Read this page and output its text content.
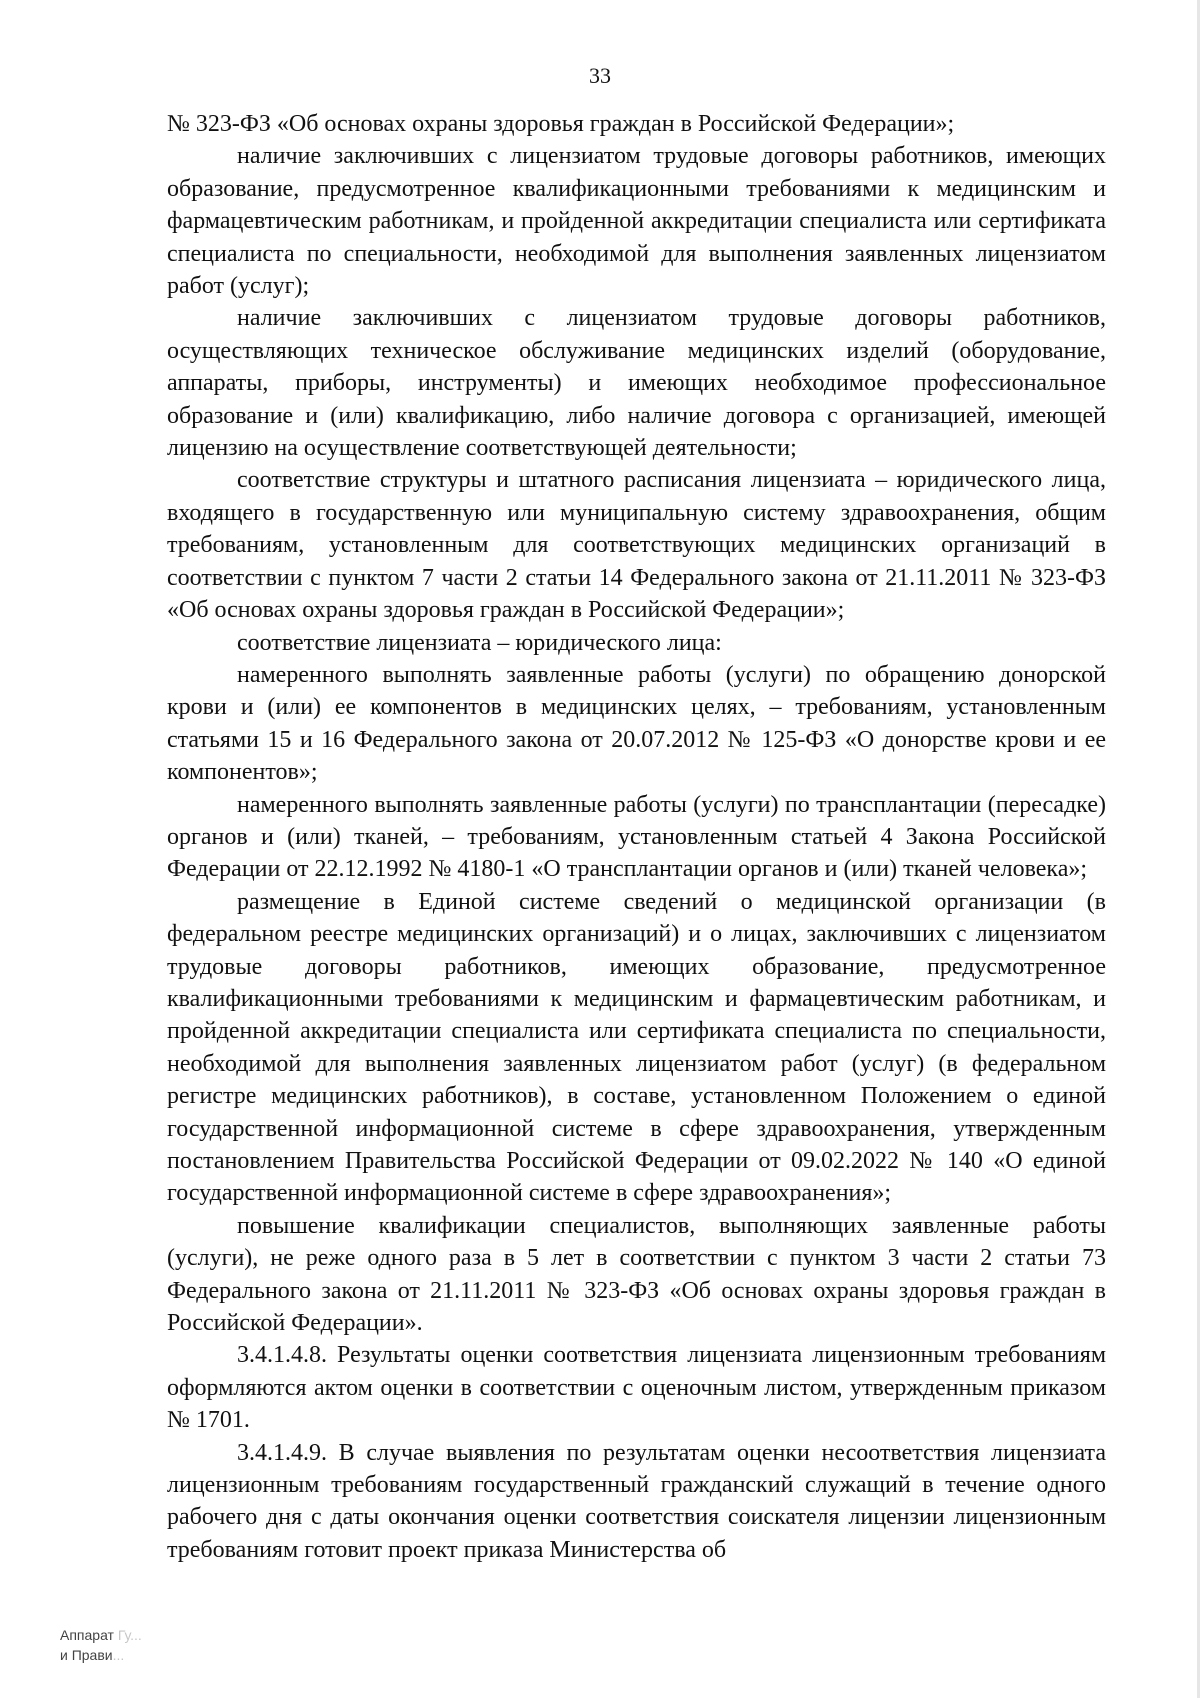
33

№ 323-ФЗ «Об основах охраны здоровья граждан в Российской Федерации»;

наличие заключивших с лицензиатом трудовые договоры работников, имеющих образование, предусмотренное квалификационными требованиями к медицинским и фармацевтическим работникам, и пройденной аккредитации специалиста или сертификата специалиста по специальности, необходимой для выполнения заявленных лицензиатом работ (услуг);

наличие заключивших с лицензиатом трудовые договоры работников, осуществляющих техническое обслуживание медицинских изделий (оборудование, аппараты, приборы, инструменты) и имеющих необходимое профессиональное образование и (или) квалификацию, либо наличие договора с организацией, имеющей лицензию на осуществление соответствующей деятельности;

соответствие структуры и штатного расписания лицензиата – юридического лица, входящего в государственную или муниципальную систему здравоохранения, общим требованиям, установленным для соответствующих медицинских организаций в соответствии с пунктом 7 части 2 статьи 14 Федерального закона от 21.11.2011 № 323-ФЗ «Об основах охраны здоровья граждан в Российской Федерации»;

соответствие лицензиата – юридического лица:

намеренного выполнять заявленные работы (услуги) по обращению донорской крови и (или) ее компонентов в медицинских целях, – требованиям, установленным статьями 15 и 16 Федерального закона от 20.07.2012 № 125-ФЗ «О донорстве крови и ее компонентов»;

намеренного выполнять заявленные работы (услуги) по трансплантации (пересадке) органов и (или) тканей, – требованиям, установленным статьей 4 Закона Российской Федерации от 22.12.1992 № 4180-1 «О трансплантации органов и (или) тканей человека»;

размещение в Единой системе сведений о медицинской организации (в федеральном реестре медицинских организаций) и о лицах, заключивших с лицензиатом трудовые договоры работников, имеющих образование, предусмотренное квалификационными требованиями к медицинским и фармацевтическим работникам, и пройденной аккредитации специалиста или сертификата специалиста по специальности, необходимой для выполнения заявленных лицензиатом работ (услуг) (в федеральном регистре медицинских работников), в составе, установленном Положением о единой государственной информационной системе в сфере здравоохранения, утвержденным постановлением Правительства Российской Федерации от 09.02.2022 № 140 «О единой государственной информационной системе в сфере здравоохранения»;

повышение квалификации специалистов, выполняющих заявленные работы (услуги), не реже одного раза в 5 лет в соответствии с пунктом 3 части 2 статьи 73 Федерального закона от 21.11.2011 № 323-ФЗ «Об основах охраны здоровья граждан в Российской Федерации».

3.4.1.4.8. Результаты оценки соответствия лицензиата лицензионным требованиям оформляются актом оценки в соответствии с оценочным листом, утвержденным приказом № 1701.

3.4.1.4.9. В случае выявления по результатам оценки несоответствия лицензиата лицензионным требованиям государственный гражданский служащий в течение одного рабочего дня с даты окончания оценки соответствия соискателя лицензии лицензионным требованиям готовит проект приказа Министерства об

Аппарат Гу...
и Прави...
